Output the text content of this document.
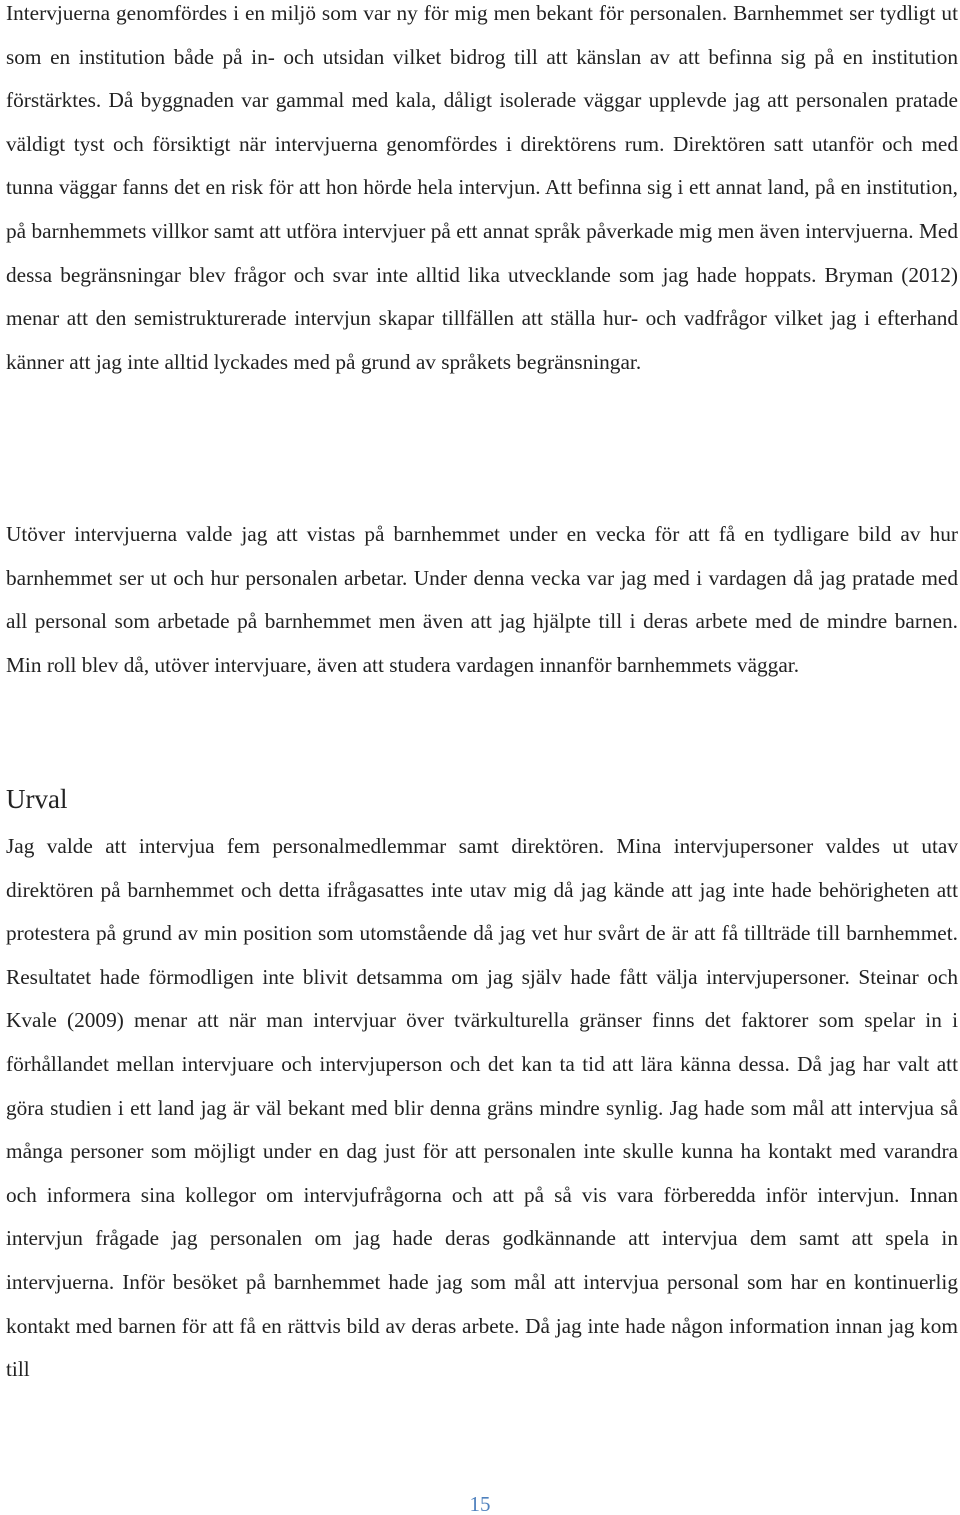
Intervjuerna genomfördes i en miljö som var ny för mig men bekant för personalen. Barnhemmet ser tydligt ut som en institution både på in- och utsidan vilket bidrog till att känslan av att befinna sig på en institution förstärktes. Då byggnaden var gammal med kala, dåligt isolerade väggar upplevde jag att personalen pratade väldigt tyst och försiktigt när intervjuerna genomfördes i direktörens rum. Direktören satt utanför och med tunna väggar fanns det en risk för att hon hörde hela intervjun. Att befinna sig i ett annat land, på en institution, på barnhemmets villkor samt att utföra intervjuer på ett annat språk påverkade mig men även intervjuerna. Med dessa begränsningar blev frågor och svar inte alltid lika utvecklande som jag hade hoppats. Bryman (2012) menar att den semistrukturerade intervjun skapar tillfällen att ställa hur- och vadfrågor vilket jag i efterhand känner att jag inte alltid lyckades med på grund av språkets begränsningar.

Utöver intervjuerna valde jag att vistas på barnhemmet under en vecka för att få en tydligare bild av hur barnhemmet ser ut och hur personalen arbetar. Under denna vecka var jag med i vardagen då jag pratade med all personal som arbetade på barnhemmet men även att jag hjälpte till i deras arbete med de mindre barnen. Min roll blev då, utöver intervjuare, även att studera vardagen innanför barnhemmets väggar.

Urval

Jag valde att intervjua fem personalmedlemmar samt direktören. Mina intervjupersoner valdes ut utav direktören på barnhemmet och detta ifrågasattes inte utav mig då jag kände att jag inte hade behörigheten att protestera på grund av min position som utomstående då jag vet hur svårt de är att få tillträde till barnhemmet. Resultatet hade förmodligen inte blivit detsamma om jag själv hade fått välja intervjupersoner. Steinar och Kvale (2009) menar att när man intervjuar över tvärkulturella gränser finns det faktorer som spelar in i förhållandet mellan intervjuare och intervjuperson och det kan ta tid att lära känna dessa. Då jag har valt att göra studien i ett land jag är väl bekant med blir denna gräns mindre synlig. Jag hade som mål att intervjua så många personer som möjligt under en dag just för att personalen inte skulle kunna ha kontakt med varandra och informera sina kollegor om intervjufrågorna och att på så vis vara förberedda inför intervjun. Innan intervjun frågade jag personalen om jag hade deras godkännande att intervjua dem samt att spela in intervjuerna. Inför besöket på barnhemmet hade jag som mål att intervjua personal som har en kontinuerlig kontakt med barnen för att få en rättvis bild av deras arbete. Då jag inte hade någon information innan jag kom till

15
